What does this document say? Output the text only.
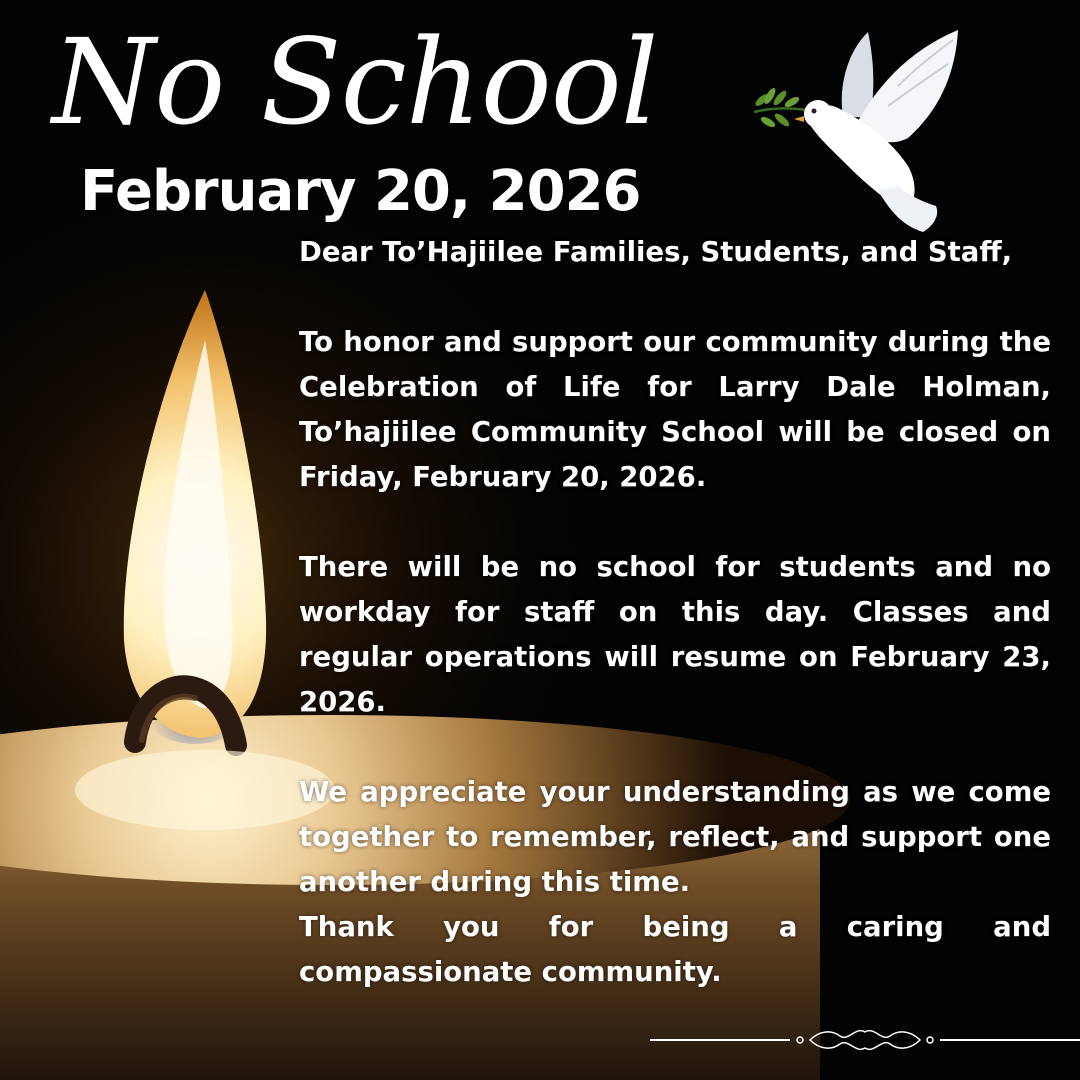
No School
February 20, 2026

Dear To’Hajiilee Families, Students, and Staff,

To honor and support our community during the Celebration of Life for Larry Dale Holman, To’hajiilee Community School will be closed on Friday, February 20, 2026.

There will be no school for students and no workday for staff on this day. Classes and regular operations will resume on February 23, 2026.

We appreciate your understanding as we come together to remember, reflect, and support one another during this time.

Thank you for being a caring and compassionate community.
